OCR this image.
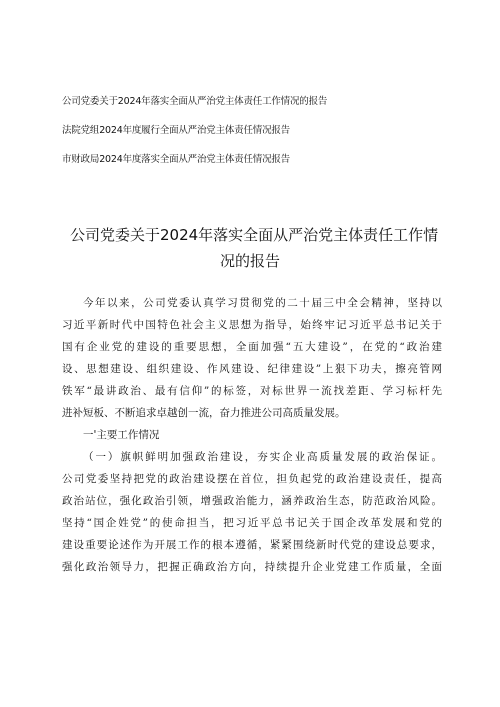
公司党委关于2024年落实全面从严治党主体责任工作情况的报告
法院党组2024年度履行全面从严治党主体责任情况报告
市财政局2024年度落实全面从严治党主体责任情况报告
公司党委关于2024年落实全面从严治党主体责任工作情
况的报告
今年以来，公司党委认真学习贯彻党的二十届三中全会精神，坚持以
习近平新时代中国特色社会主义思想为指导，始终牢记习近平总书记关于
国有企业党的建设的重要思想，全面加强“五大建设”，在党的“政治建
设、思想建设、组织建设、作风建设、纪律建设”上狠下功夫，擦亮管网
铁军“最讲政治、最有信仰”的标签，对标世界一流找差距、学习标杆先
进补短板、不断追求卓越创一流，奋力推进公司高质量发展。
一'主要工作情况
（一）旗帜鲜明加强政治建设，夯实企业高质量发展的政治保证。
公司党委坚持把党的政治建设摆在首位，担负起党的政治建设责任，提高
政治站位，强化政治引领，增强政治能力，涵养政治生态，防范政治风险。
坚持“国企姓党”的使命担当，把习近平总书记关于国企改革发展和党的
建设重要论述作为开展工作的根本遵循，紧紧围绕新时代党的建设总要求，
强化政治领导力，把握正确政治方向，持续提升企业党建工作质量，全面
